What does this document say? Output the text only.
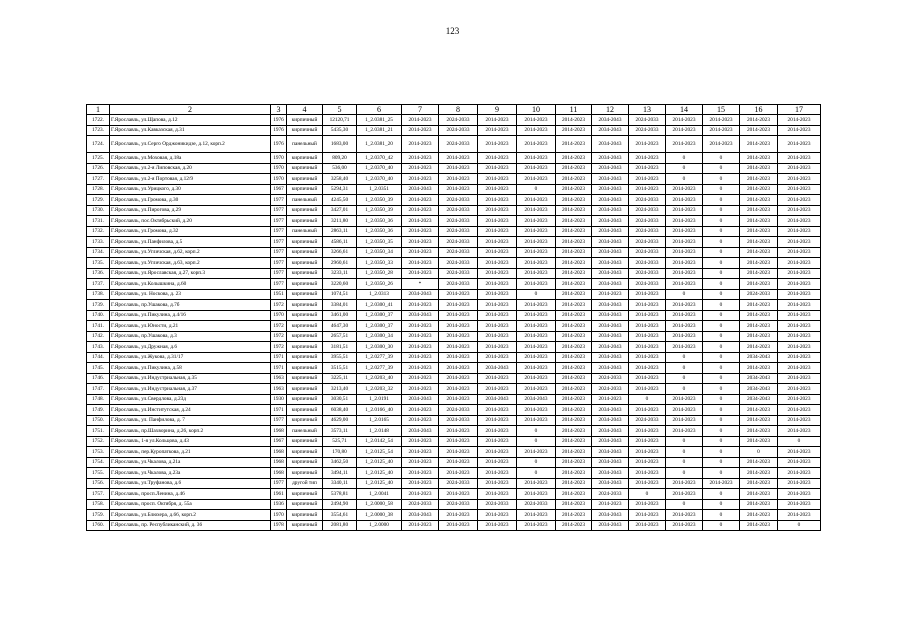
123
1	2	3	4	5	6	7	8	9	10	11	12	13	14	15	16	17
1722.	Г.Ярославль, ул.Щапова, д.12	1976	кирпичный	12120,71	1_2.0381_25	2014-2023	2024-2033	2014-2023	2014-2023	2014-2023	2034-2043	2024-2033	2014-2023	2014-2023	2014-2023	2014-2023
1723.	Г.Ярославль, ул.Кавказская, д.31	1976	кирпичный	5435,30	1_2.0381_21	2014-2023	2024-2033	2014-2023	2014-2023	2014-2023	2034-2043	2024-2033	2014-2023	2014-2023	2014-2023	2014-2023
1724.	Г.Ярославль, ул.Серго Орджоникидзе, д.12, корп.2	1976	панельный	1683,00	1_2.0381_20	2014-2023	2024-2033	2014-2023	2014-2023	2014-2023	2034-2043	2014-2023	2014-2023	2014-2023	2014-2023	2014-2023
1725.	Г.Ярославль, ул.Моховая, д.18а	1970	кирпичный	809,20	1_2.0370_42	2014-2023	2014-2023	2014-2023	2014-2023	2014-2023	2034-2043	2014-2023	0	0	2014-2023	2014-2023
1726.	Г.Ярославль, ул.2-я Липовская, д.20	1970	кирпичный	536,00	1_2.0370_40	2014-2023	2014-2023	2014-2023	2014-2023	2014-2023	2034-2043	2014-2023	0	0	2014-2023	2014-2023
1727.	Г.Ярославль, ул.2-я Портовая, д.12/9	1970	кирпичный	3258,40	1_2.0370_40	2014-2023	2014-2023	2014-2023	2014-2023	2014-2023	2034-2043	2014-2023	0	0	2014-2023	2014-2023
1728.	Г.Ярославль, ул.Урицкого, д.30	1967	кирпичный	5294,31	1_2.0351	2034-2043	2014-2023	2014-2023	0	2014-2023	2034-2043	2014-2023	2014-2023	0	2014-2023	2014-2023
1729.	Г.Ярославль, ул.Громова, д.30	1977	панельный	4245,50	1_2.0350_39	2014-2023	2024-2033	2014-2023	2014-2023	2014-2023	2034-2043	2024-2033	2014-2023	0	2014-2023	2014-2023
1730.	Г.Ярославль, ул.Пирогова, д.29	1977	кирпичный	3427,01	1_2.0350_39	2014-2023	2024-2033	2014-2023	2014-2023	2014-2023	2034-2043	2024-2033	2014-2023	0	2014-2023	2014-2023
1731.	Г.Ярославль, пос.Октябрьский, д.20	1977	кирпичный	3211,80	1_2.0350_36	2014-2023	2024-2033	2014-2023	2014-2023	2014-2023	2034-2043	2024-2033	2014-2023	0	2014-2023	2014-2023
1732.	Г.Ярославль, ул.Громова, д.32	1977	панельный	2863,11	1_2.0350_36	2014-2023	2024-2033	2014-2023	2014-2023	2014-2023	2034-2043	2024-2033	2014-2023	0	2014-2023	2014-2023
1733.	Г.Ярославль, ул.Панфилова, д.5	1977	кирпичный	4586,11	1_2.0350_35	2014-2023	2024-2033	2014-2023	2014-2023	2014-2023	2034-2043	2024-2033	2014-2023	0	2014-2023	2014-2023
1734.	Г.Ярославль, ул.Угличская, д.62, корп.2	1977	кирпичный	3266,61	1_2.0350_34	2014-2023	2024-2033	2014-2023	2014-2023	2014-2023	2034-2043	2024-2033	2014-2023	0	2014-2023	2014-2023
1735.	Г.Ярославль, ул.Угличская, д.63, корп.2	1977	кирпичный	2960,61	1_2.0350_33	2014-2023	2024-2033	2014-2023	2014-2023	2014-2023	2034-2043	2024-2033	2014-2023	0	2014-2023	2014-2023
1736.	Г.Ярославль, ул.Ярославская, д.27, корп.3	1977	кирпичный	3233,11	1_2.0350_28	2014-2023	2024-2033	2014-2023	2014-2023	2014-2023	2034-2043	2024-2033	2014-2023	0	2014-2023	2014-2023
1737.	Г.Ярославль, ул.Колышкина, д.60	1977	кирпичный	3220,60	1_2.0350_26	*	2024-2033	2014-2023	2014-2023	2014-2023	2034-2043	2024-2033	2014-2023	0	2014-2023	2014-2023
1738.	Г.Ярославль, ул. Носкова, д. 23	1951	кирпичный	1074,51	1_2.0313	2034-2043	2014-2023	2014-2023	0	2014-2023	2014-2023	2014-2023	0	0	2024-2033	2014-2023
1739.	Г.Ярославль, пр.Ушакова, д.7б	1972	кирпичный	3384,01	1_2.0300_41	2014-2023	2014-2023	2014-2023	2014-2023	2014-2023	2034-2043	2014-2023	2014-2023	0	2014-2023	2014-2023
1740.	Г.Ярославль, ул.Пикулина, д.4/16	1970	кирпичный	3461,00	1_2.0300_37	2034-2043	2014-2023	2014-2023	2014-2023	2014-2023	2034-2043	2014-2023	2014-2023	0	2014-2023	2014-2023
1741.	Г.Ярославль, ул.Юности, д.21	1972	кирпичный	4647,30	1_2.0300_37	2014-2023	2014-2023	2014-2023	2014-2023	2014-2023	2034-2043	2014-2023	2014-2023	0	2014-2023	2014-2023
1742.	Г.Ярославль, пр.Ушакова, д.3	1972	кирпичный	2657,51	1_2.0300_34	2014-2023	2014-2023	2014-2023	2014-2023	2014-2023	2034-2043	2014-2023	2014-2023	0	2014-2023	2014-2023
1743.	Г.Ярославль, ул.Дружная, д.6	1972	кирпичный	3181,51	1_2.0300_30	2014-2023	2014-2023	2014-2023	2014-2023	2014-2023	2034-2043	2014-2023	2014-2023	0	2014-2023	2014-2023
1744.	Г.Ярославль, ул.Жукова, д.31/17	1971	кирпичный	3955,51	1_2.0277_39	2014-2023	2014-2023	2014-2023	2014-2023	2014-2023	2034-2043	2014-2023	0	0	2034-2043	2014-2023
1745.	Г.Ярославль, ул.Пикулина, д.58	1971	кирпичный	3515,51	1_2.0277_39	2014-2023	2014-2023	2034-2043	2014-2023	2014-2023	2034-2043	2014-2023	0	0	2014-2023	2014-2023
1746.	Г.Ярославль, ул.Индустриальная, д.35	1963	кирпичный	3225,11	1_2.0203_40	2014-2023	2014-2023	2014-2023	2014-2023	2014-2023	2024-2033	2014-2023	0	0	2034-2043	2014-2023
1747.	Г.Ярославль, ул.Индустриальная, д.37	1963	кирпичный	3213,40	1_2.0203_32	2014-2023	2014-2023	2014-2023	2014-2023	2014-2023	2024-2033	2014-2023	0	0	2034-2043	2014-2023
1748.	Г.Ярославль, ул.Свердлова, д.23д	1930	кирпичный	3030,51	1_2.0191	2034-2043	2014-2023	2034-2043	2034-2043	2014-2023	2014-2023	0	2014-2023	0	2034-2043	2014-2023
1749.	Г.Ярославль, ул.Институтская, д.24	1971	кирпичный	6038,40	1_2.0166_40	2014-2023	2024-2033	2014-2023	2014-2023	2014-2023	2034-2043	2014-2023	2014-2023	0	2014-2023	2014-2023
1750.	Г.Ярославль, ул. Панфилова, д. 7	1977	кирпичный	4629,00	1_2.0165	2014-2023	2024-2033	2014-2023	2014-2023	2014-2023	2034-2043	2024-2033	2014-2023	0	2014-2023	2014-2023
1751.	Г.Ярославль, пр.Шахворина, д.26, корп.2	1968	панельный	3573,11	1_2.0148	2034-2043	2014-2023	2014-2023	0	2014-2023	2034-2043	2014-2023	2014-2023	0	2014-2023	2014-2023
1752.	Г.Ярославль, 1-я ул.Кольцова, д.43	1967	кирпичный	525,71	1_2.0142_54	2014-2023	2014-2023	2014-2023	0	2014-2023	2034-2043	2014-2023	0	0	2014-2023	0
1753.	Г.Ярославль, пер.Куропаткова, д.21	1968	кирпичный	170,80	1_2.0125_54	2014-2023	2014-2023	2014-2023	2014-2023	2014-2023	2034-2043	2014-2023	0	0	0	2014-2023
1754.	Г.Ярославль, ул.Чкалова, д.21а	1968	кирпичный	3462,50	1_2.0125_40	2014-2023	2014-2023	2014-2023	0	2014-2023	2034-2043	2014-2023	0	0	2014-2023	2014-2023
1755.	Г.Ярославль, ул.Чкалова, д.23а	1968	кирпичный	3494,11	1_2.0125_40	2014-2023	2014-2023	2014-2023	0	2014-2023	2034-2043	2014-2023	0	0	2014-2023	2014-2023
1756.	Г.Ярославль, ул.Труфанова, д.6	1977	другой тип	3340,11	1_2.0125_40	2014-2023	2024-2033	2014-2023	2014-2023	2014-2023	2034-2043	2014-2023	2014-2023	2014-2023	2014-2023	2014-2023
1757.	Г.Ярославль, просп.Ленина, д.46	1961	кирпичный	5378,81	1_2.0041	2014-2023	2014-2023	2014-2023	2014-2023	2014-2023	2024-2033	0	2014-2023	0	2014-2023	2014-2023
1758.	Г.Ярославль, просп. Октября, д. 55а	1936	кирпичный	2494,90	1_2.0000_58	2024-2033	2024-2033	2024-2033	2024-2033	2014-2023	2014-2023	2014-2023	0	0	2014-2023	2014-2023
1759.	Г.Ярославль, ул.Блюхера, д.66, корп.2	1970	кирпичный	3554,61	1_2.0000_38	2034-2043	2014-2023	2014-2023	2014-2023	2014-2023	2034-2043	2014-2023	2014-2023	0	2014-2023	2014-2023
1760.	Г.Ярославль, пр. Республиканский, д. 36	1978	кирпичный	2081,80	1_2.0000	2014-2023	2014-2023	2014-2023	2014-2023	2014-2023	2034-2043	2014-2023	2014-2023	0	2014-2023	0
